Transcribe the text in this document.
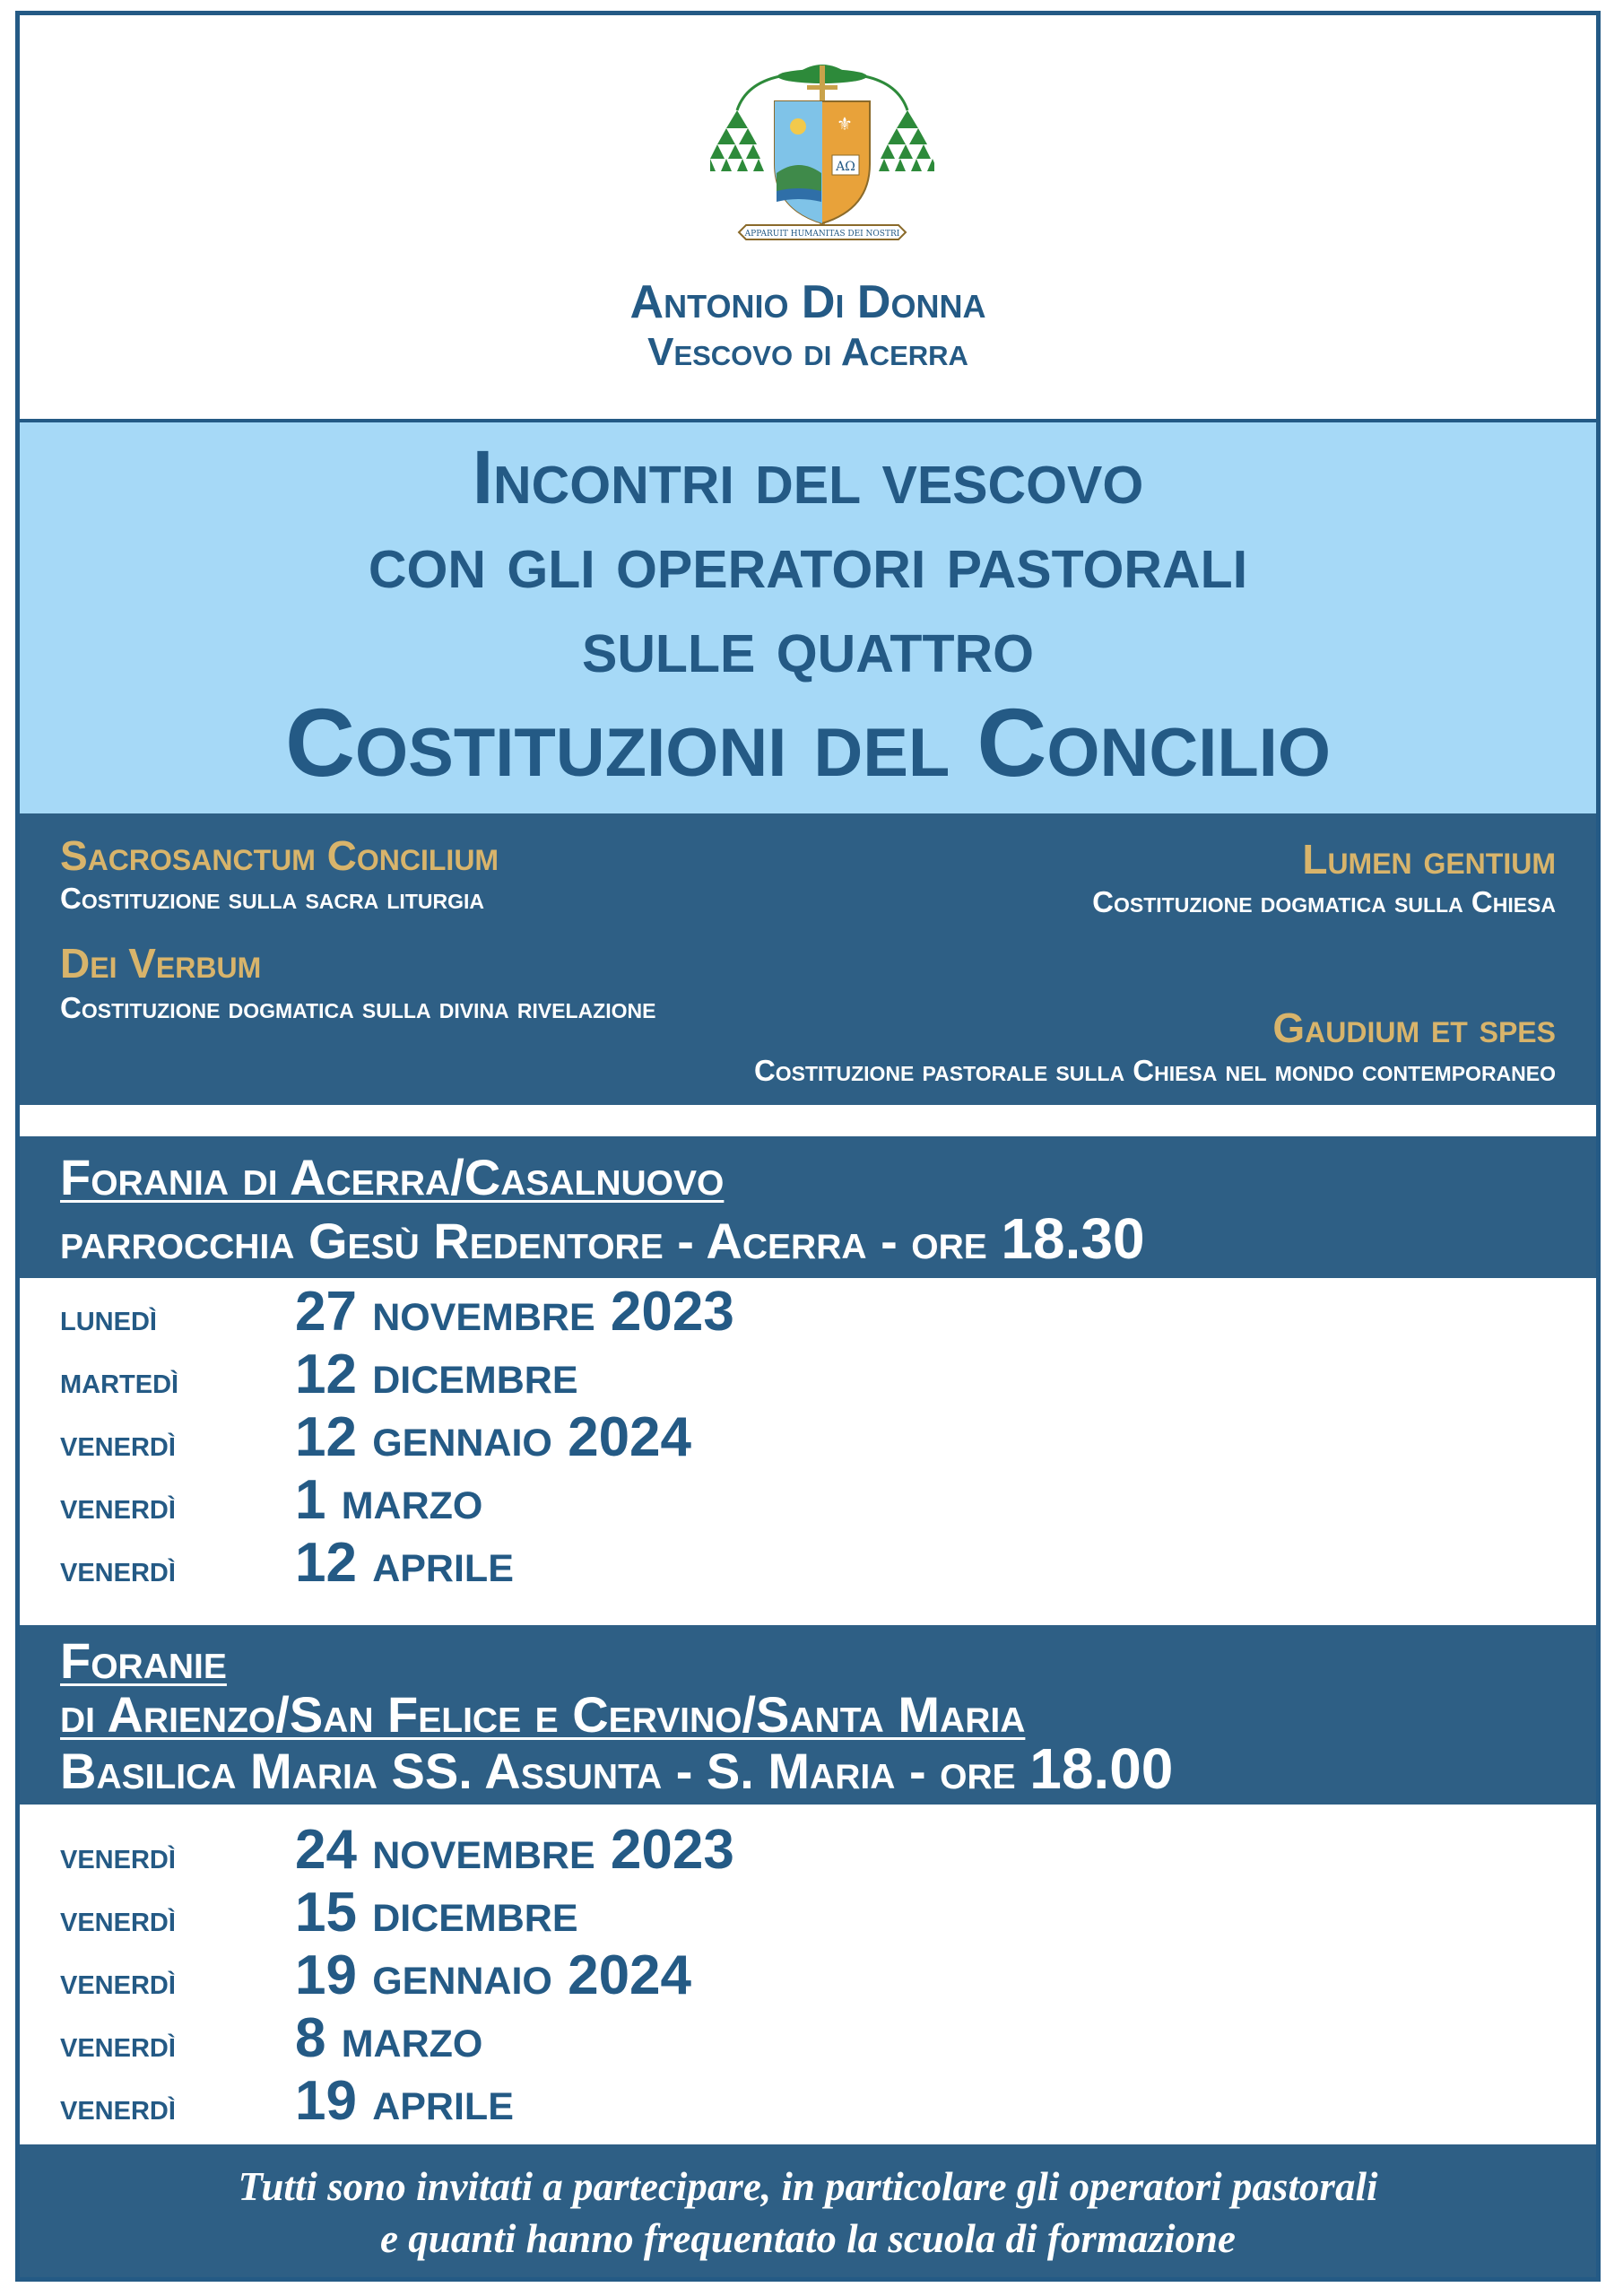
⚜
AΩ
APPARUIT HUMANITAS DEI NOSTRI
Antonio Di Donna
Vescovo di Acerra
Incontri del vescovo
con gli operatori pastorali
sulle quattro
Costituzioni del Concilio
Sacrosanctum Concilium
Costituzione sulla sacra liturgia
Lumen gentium
Costituzione dogmatica sulla Chiesa
Dei Verbum
Costituzione dogmatica sulla divina rivelazione	Gaudium et spes
Costituzione pastorale sulla Chiesa nel mondo contemporaneo
Forania di Acerra/Casalnuovo
parrocchia Gesù Redentore - Acerra - ore 18.30
lunedì 27 novembre 2023
martedì 12 dicembre
venerdì 12 gennaio 2024
venerdì 1 marzo
venerdì 12 aprile
Foranie
di Arienzo/San Felice e Cervino/Santa Maria
Basilica Maria SS. Assunta - S. Maria - ore 18.00
venerdì 24 novembre 2023
venerdì 15 dicembre
venerdì 19 gennaio 2024
venerdì 8 marzo
venerdì 19 aprile
Tutti sono invitati a partecipare, in particolare gli operatori pastorali
e quanti hanno frequentato la scuola di formazione
